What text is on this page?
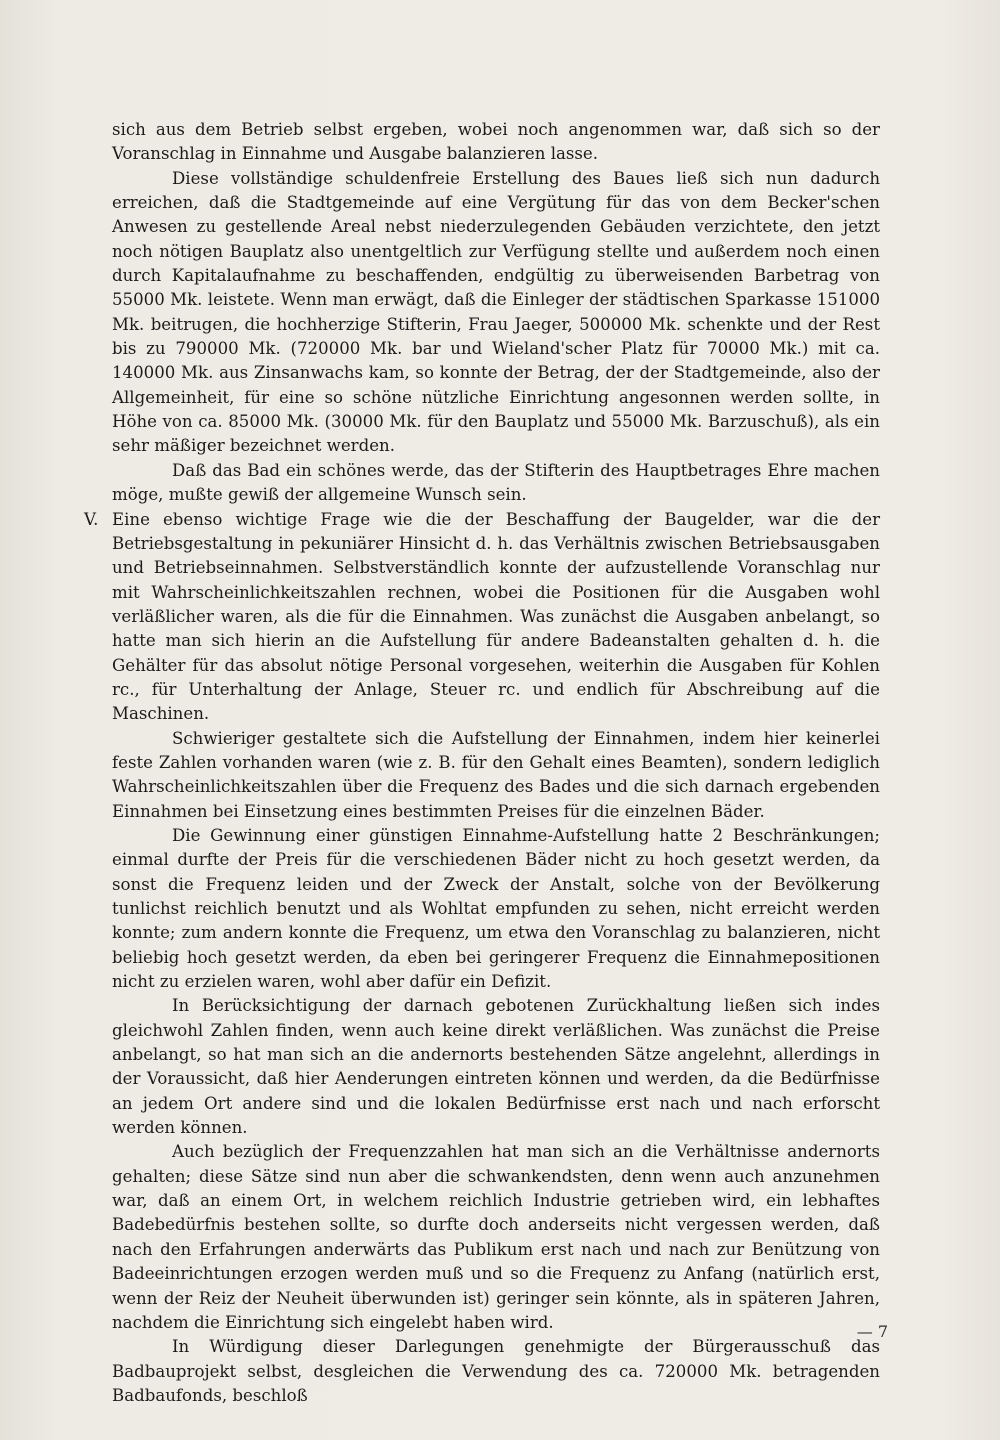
sich aus dem Betrieb selbst ergeben, wobei noch angenommen war, daß sich so der Voranschlag in Einnahme und Ausgabe balanzieren lasse.

Diese vollständige schuldenfreie Erstellung des Baues ließ sich nun dadurch erreichen, daß die Stadtgemeinde auf eine Vergütung für das von dem Becker'schen Anwesen zu gestellende Areal nebst niederzulegenden Gebäuden verzichtete, den jetzt noch nötigen Bauplatz also unentgeltlich zur Verfügung stellte und außerdem noch einen durch Kapitalaufnahme zu beschaffenden, endgültig zu überweisenden Barbetrag von 55000 Mk. leistete. Wenn man erwägt, daß die Einleger der städtischen Sparkasse 151000 Mk. beitrugen, die hochherzige Stifterin, Frau Jaeger, 500000 Mk. schenkte und der Rest bis zu 790000 Mk. (720000 Mk. bar und Wieland'scher Platz für 70000 Mk.) mit ca. 140000 Mk. aus Zinsanwachs kam, so konnte der Betrag, der der Stadtgemeinde, also der Allgemeinheit, für eine so schöne nützliche Einrichtung angesonnen werden sollte, in Höhe von ca. 85000 Mk. (30000 Mk. für den Bauplatz und 55000 Mk. Barzuschuß), als ein sehr mäßiger bezeichnet werden.

Daß das Bad ein schönes werde, das der Stifterin des Hauptbetrages Ehre machen möge, mußte gewiß der allgemeine Wunsch sein.

V. Eine ebenso wichtige Frage wie die der Beschaffung der Baugelder, war die der Betriebsgestaltung in pekuniärer Hinsicht d. h. das Verhältnis zwischen Betriebsausgaben und Betriebseinnahmen. Selbstverständlich konnte der aufzustellende Voranschlag nur mit Wahrscheinlichkeitszahlen rechnen, wobei die Positionen für die Ausgaben wohl verläßlicher waren, als die für die Einnahmen. Was zunächst die Ausgaben anbelangt, so hatte man sich hierin an die Aufstellung für andere Badeanstalten gehalten d. h. die Gehälter für das absolut nötige Personal vorgesehen, weiterhin die Ausgaben für Kohlen rc., für Unterhaltung der Anlage, Steuer rc. und endlich für Abschreibung auf die Maschinen.

Schwieriger gestaltete sich die Aufstellung der Einnahmen, indem hier keinerlei feste Zahlen vorhanden waren (wie z. B. für den Gehalt eines Beamten), sondern lediglich Wahrscheinlichkeitszahlen über die Frequenz des Bades und die sich darnach ergebenden Einnahmen bei Einsetzung eines bestimmten Preises für die einzelnen Bäder.

Die Gewinnung einer günstigen Einnahme-Aufstellung hatte 2 Beschränkungen; einmal durfte der Preis für die verschiedenen Bäder nicht zu hoch gesetzt werden, da sonst die Frequenz leiden und der Zweck der Anstalt, solche von der Bevölkerung tunlichst reichlich benutzt und als Wohltat empfunden zu sehen, nicht erreicht werden konnte; zum andern konnte die Frequenz, um etwa den Voranschlag zu balanzieren, nicht beliebig hoch gesetzt werden, da eben bei geringerer Frequenz die Einnahmepositionen nicht zu erzielen waren, wohl aber dafür ein Defizit.

In Berücksichtigung der darnach gebotenen Zurückhaltung ließen sich indes gleichwohl Zahlen finden, wenn auch keine direkt verläßlichen. Was zunächst die Preise anbelangt, so hat man sich an die andernorts bestehenden Sätze angelehnt, allerdings in der Voraussicht, daß hier Aenderungen eintreten können und werden, da die Bedürfnisse an jedem Ort andere sind und die lokalen Bedürfnisse erst nach und nach erforscht werden können.

Auch bezüglich der Frequenzzahlen hat man sich an die Verhältnisse andernorts gehalten; diese Sätze sind nun aber die schwankendsten, denn wenn auch anzunehmen war, daß an einem Ort, in welchem reichlich Industrie getrieben wird, ein lebhaftes Badebedürfnis bestehen sollte, so durfte doch anderseits nicht vergessen werden, daß nach den Erfahrungen anderwärts das Publikum erst nach und nach zur Benützung von Badeeinrichtungen erzogen werden muß und so die Frequenz zu Anfang (natürlich erst, wenn der Reiz der Neuheit überwunden ist) geringer sein könnte, als in späteren Jahren, nachdem die Einrichtung sich eingelebt haben wird.

In Würdigung dieser Darlegungen genehmigte der Bürgerausschuß das Badbauprojekt selbst, desgleichen die Verwendung des ca. 720000 Mk. betragenden Badbaufonds, beschloß

— 7
